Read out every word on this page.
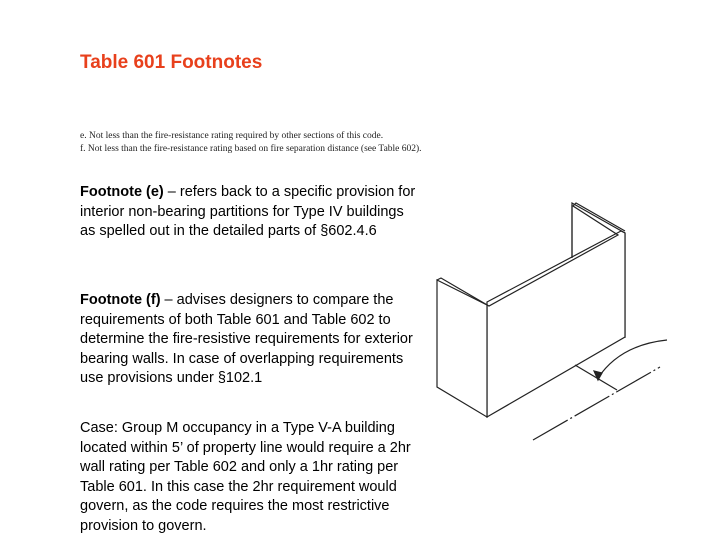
Table 601 Footnotes
e. Not less than the fire-resistance rating required by other sections of this code.
f. Not less than the fire-resistance rating based on fire separation distance (see Table 602).
Footnote (e) – refers back to a specific provision for interior non-bearing partitions for Type IV buildings as spelled out in the detailed parts of §602.4.6
Footnote (f) – advises designers to compare the requirements of both Table 601 and Table 602 to determine the fire-resistive requirements for exterior bearing walls. In case of overlapping requirements use provisions under §102.1
Case: Group M occupancy in a Type V-A building located within 5’ of property line would require a 2hr wall rating per Table 602 and only a 1hr rating per Table 601. In this case the 2hr requirement would govern, as the code requires the most restrictive provision to govern.
